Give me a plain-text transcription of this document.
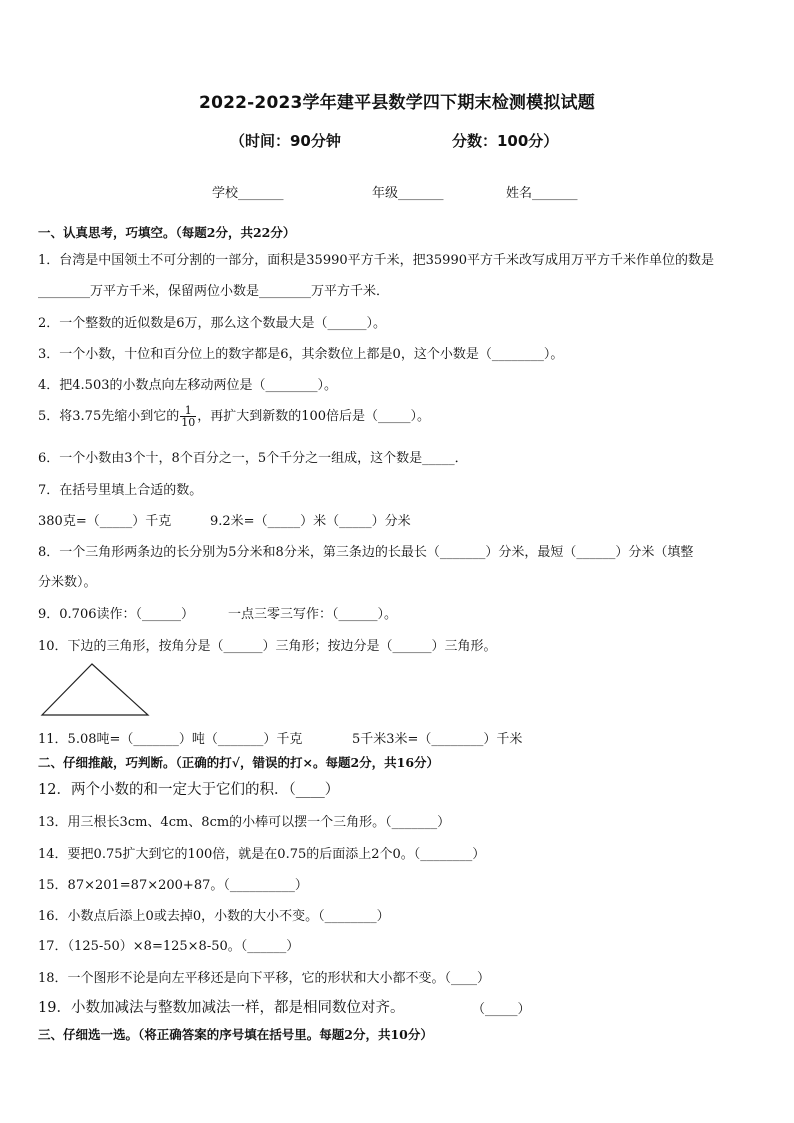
2022-2023学年建平县数学四下期末检测模拟试题
（时间：90分钟	分数：100分）
学校_______	年级_______	姓名_______
一、认真思考，巧填空。（每题2分，共22分）
1．台湾是中国领土不可分割的一部分，面积是35990平方千米，把35990平方千米改写成用万平方千米作单位的数是
________万平方千米，保留两位小数是________万平方千米．
2．一个整数的近似数是6万，那么这个数最大是（______）。
3．一个小数，十位和百分位上的数字都是6，其余数位上都是0，这个小数是（________）。
4．把4.503的小数点向左移动两位是（________）。
5．将3.75先缩小到它的 $\frac{1}{10}$ ，再扩大到新数的100倍后是（_____）。
6．一个小数由3个十，8个百分之一，5个千分之一组成，这个数是_____．
7．在括号里填上合适的数。
380克=（_____）千克	9.2米=（_____）米（_____）分米
8．一个三角形两条边的长分别为5分米和8分米，第三条边的长最长（_______）分米，最短（______）分米（填整
分米数）。
9．0.706读作：（______）	一点三零三写作：（______）。
10．下边的三角形，按角分是（______）三角形；按边分是（______）三角形。
11．5.08吨=（_______）吨（_______）千克	5千米3米=（________）千米
二、仔细推敲，巧判断。（正确的打√，错误的打×。每题2分，共16分）
12．两个小数的和一定大于它们的积．（____）
13．用三根长3cm、4cm、8cm的小棒可以摆一个三角形。（_______）
14．要把0.75扩大到它的100倍，就是在0.75的后面添上2个0。（________）
15．87×201=87×200+87。（__________）
16．小数点后添上0或去掉0，小数的大小不变。（________）
17．（125-50）×8=125×8-50。（______）
18．一个图形不论是向左平移还是向下平移，它的形状和大小都不变。（____）
19．小数加减法与整数加减法一样，都是相同数位对齐。	（_____）
三、仔细选一选。（将正确答案的序号填在括号里。每题2分，共10分）
